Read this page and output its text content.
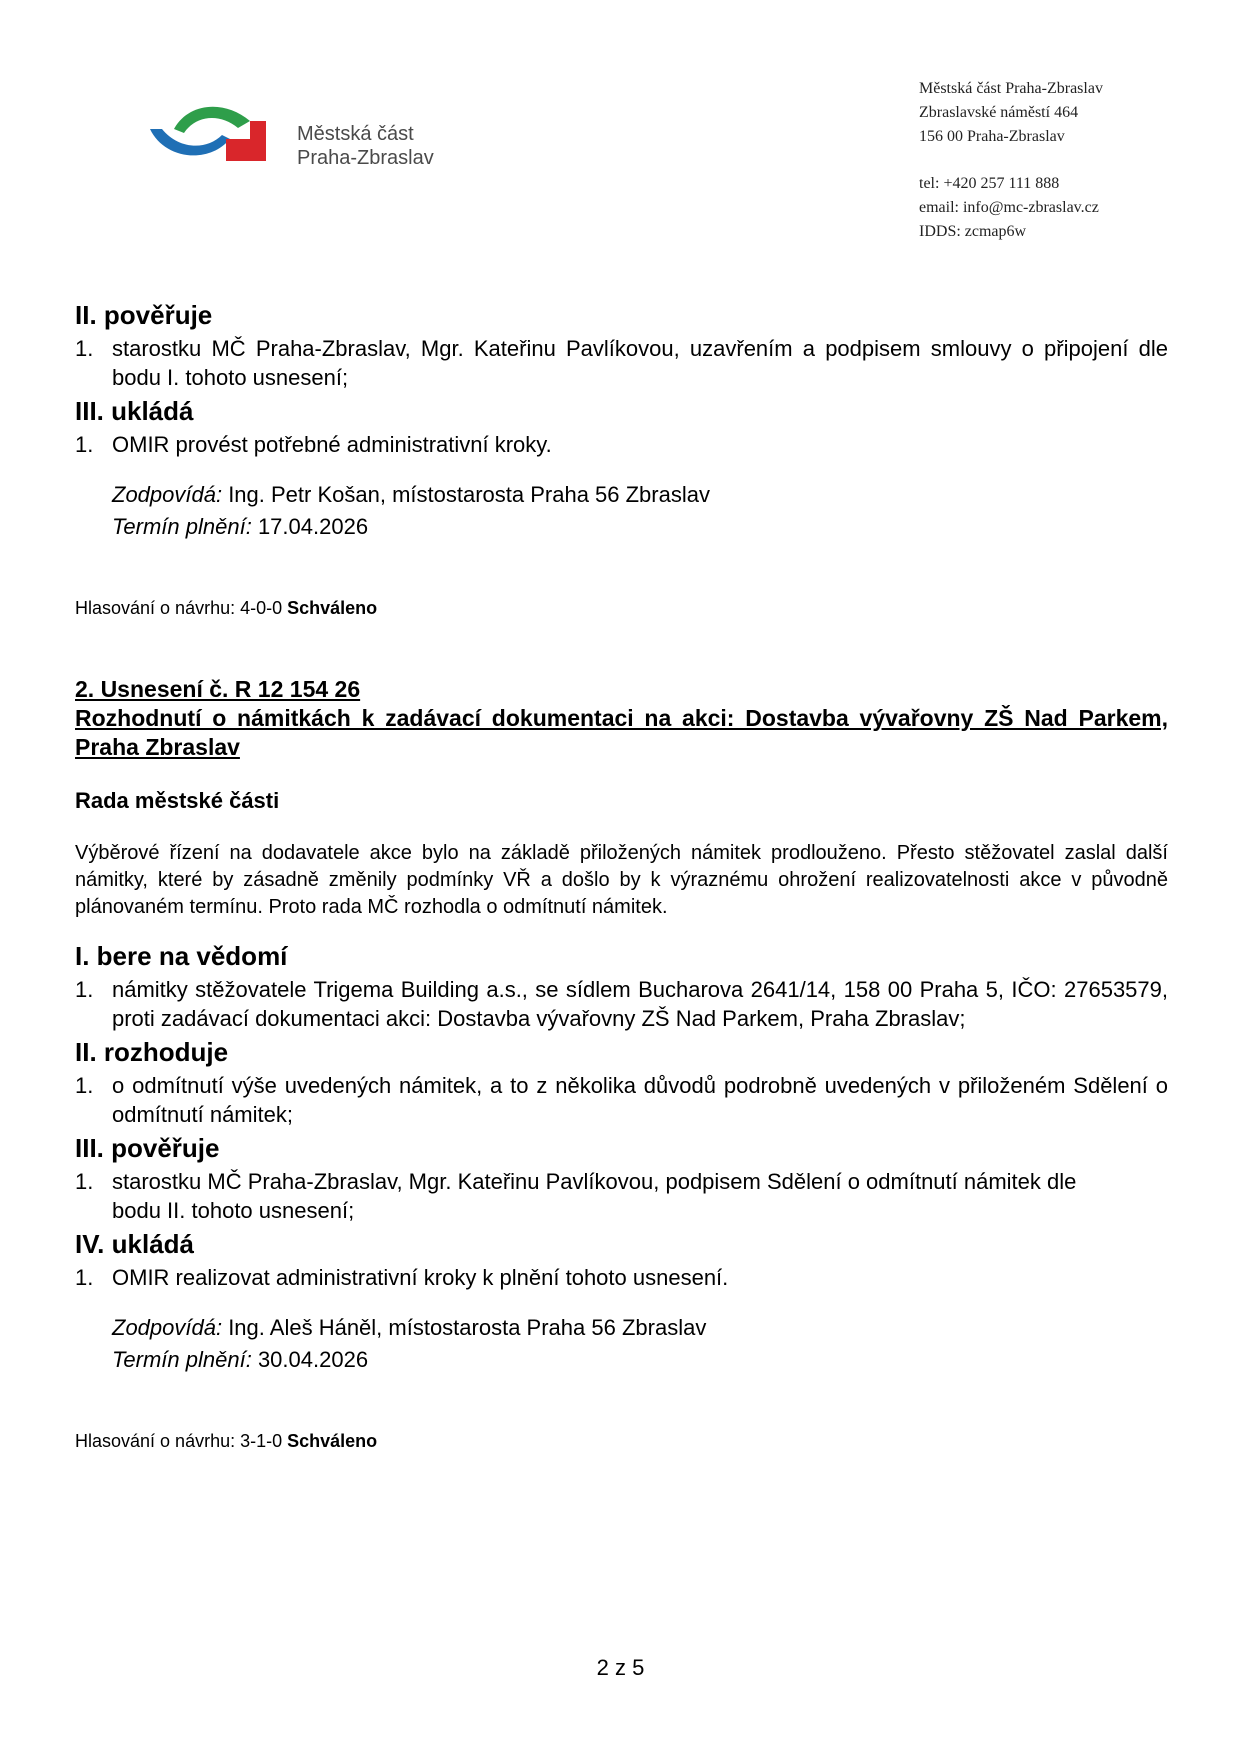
Městská část
Praha-Zbraslav
Městská část Praha-Zbraslav
Zbraslavské náměstí 464
156 00 Praha-Zbraslav
tel: +420 257 111 888
email: info@mc-zbraslav.cz
IDDS: zcmap6w
II. pověřuje
1. starostku MČ Praha-Zbraslav, Mgr. Kateřinu Pavlíkovou, uzavřením a podpisem smlouvy o připojení dle bodu I. tohoto usnesení;
III. ukládá
1. OMIR provést potřebné administrativní kroky.
Zodpovídá: Ing. Petr Košan, místostarosta Praha 56 Zbraslav
Termín plnění: 17.04.2026
Hlasování o návrhu: 4-0-0 Schváleno
2. Usnesení č. R 12 154 26
Rozhodnutí o námitkách k zadávací dokumentaci na akci: Dostavba vývařovny ZŠ Nad Parkem, Praha Zbraslav
Rada městské části
Výběrové řízení na dodavatele akce bylo na základě přiložených námitek prodlouženo. Přesto stěžovatel zaslal další námitky, které by zásadně změnily podmínky VŘ a došlo by k výraznému ohrožení realizovatelnosti akce v původně plánovaném termínu. Proto rada MČ rozhodla o odmítnutí námitek.
I. bere na vědomí
1. námitky stěžovatele Trigema Building a.s., se sídlem Bucharova 2641/14, 158 00 Praha 5, IČO: 27653579, proti zadávací dokumentaci akci: Dostavba vývařovny ZŠ Nad Parkem, Praha Zbraslav;
II. rozhoduje
1. o odmítnutí výše uvedených námitek, a to z několika důvodů podrobně uvedených v přiloženém Sdělení o odmítnutí námitek;
III. pověřuje
1. starostku MČ Praha-Zbraslav, Mgr. Kateřinu Pavlíkovou, podpisem Sdělení o odmítnutí námitek dle bodu II. tohoto usnesení;
IV. ukládá
1. OMIR realizovat administrativní kroky k plnění tohoto usnesení.
Zodpovídá: Ing. Aleš Háněl, místostarosta Praha 56 Zbraslav
Termín plnění: 30.04.2026
Hlasování o návrhu: 3-1-0 Schváleno
2 z 5
